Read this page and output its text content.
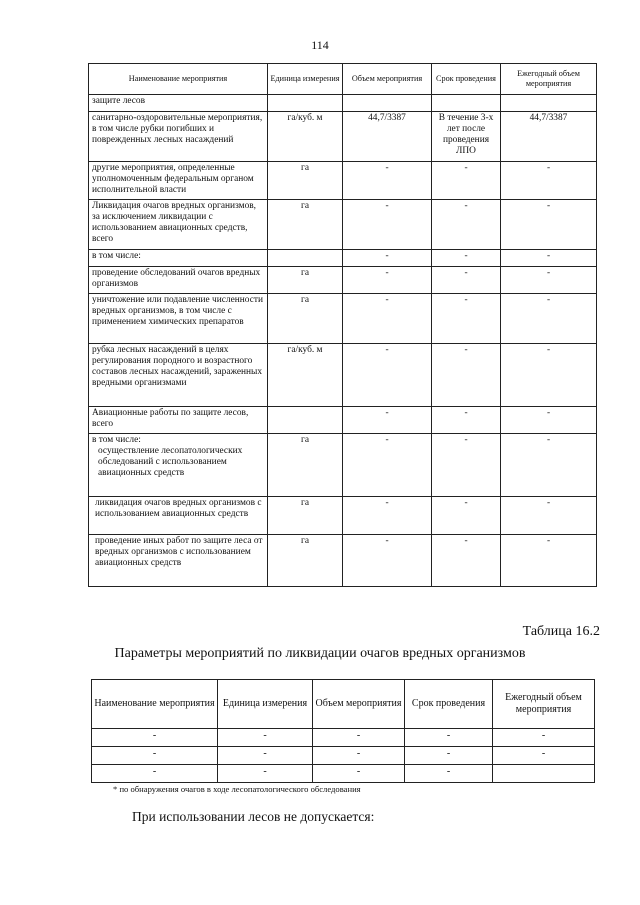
114
Наименование мероприятия	Единица измерения	Объем мероприятия	Срок проведения	Ежегодный объем мероприятия
защите лесов				
санитарно-оздоровительные мероприятия, в том числе рубки погибших и поврежденных лесных насаждений	га/куб. м	44,7/3387	В течение 3-х лет после проведения ЛПО	44,7/3387
другие мероприятия, определенные уполномоченным федеральным органом исполнительной власти	га	-	-	-
Ликвидация очагов вредных организмов, за исключением ликвидации с использованием авиационных средств, всего	га	-	-	-
в том числе:		-	-	-
проведение обследований очагов вредных организмов	га	-	-	-
уничтожение или подавление численности вредных организмов, в том числе с применением химических препаратов	га	-	-	-
рубка лесных насаждений в целях регулирования породного и возрастного составов лесных насаждений, зараженных вредными организмами	га/куб. м	-	-	-
Авиационные работы по защите лесов, всего		-	-	-

в том числе:
осуществление лесопатологических обследований с использованием авиационных средств	га	-	-	-
ликвидация очагов вредных организмов с использованием авиационных средств	га	-	-	-
проведение иных работ по защите леса от вредных организмов с использованием авиационных средств	га	-	-	-
Таблица 16.2
Параметры мероприятий по ликвидации очагов вредных организмов
Наименование мероприятия	Единица измерения	Объем мероприятия	Срок проведения	Ежегодный объем мероприятия
-	-	-	-	-
-	-	-	-	-
-	-	-	-	
* по обнаружения очагов в ходе лесопатологического обследования
При использовании лесов не допускается:
